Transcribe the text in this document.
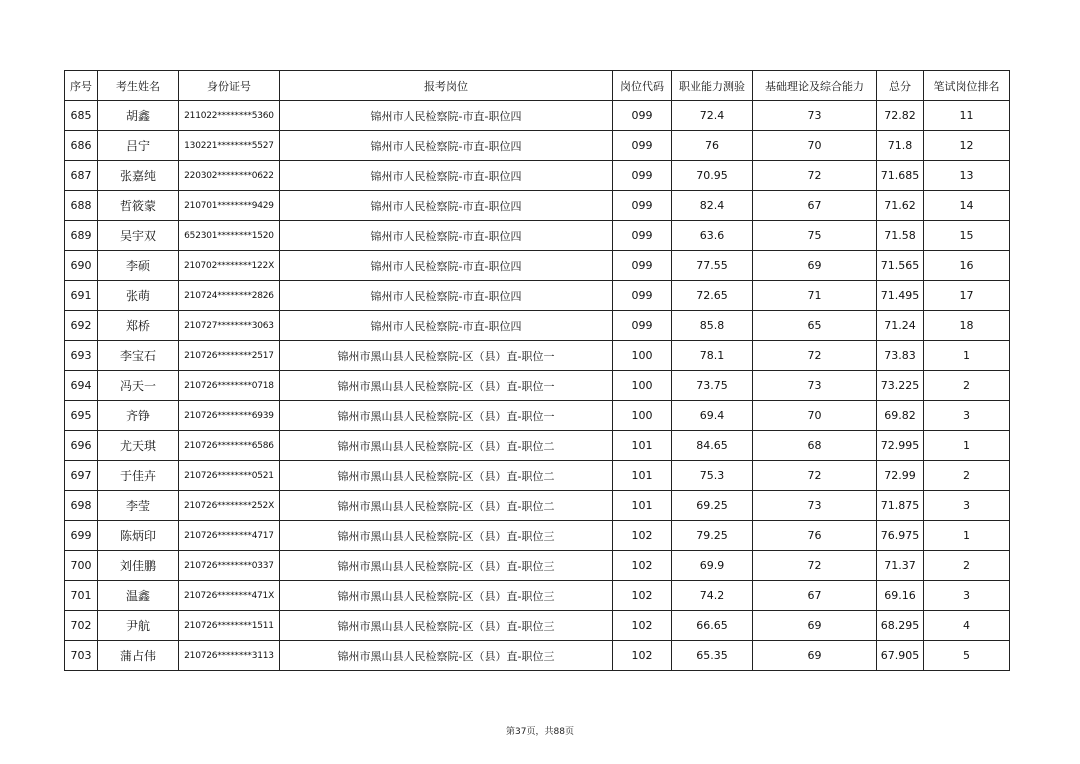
序号	考生姓名	身份证号	报考岗位	岗位代码	职业能力测验	基础理论及综合能力	总分	笔试岗位排名
685	胡鑫	211022********5360	锦州市人民检察院-市直-职位四	099	72.4	73	72.82	11
686	吕宁	130221********5527	锦州市人民检察院-市直-职位四	099	76	70	71.8	12
687	张嘉纯	220302********0622	锦州市人民检察院-市直-职位四	099	70.95	72	71.685	13
688	哲筱蒙	210701********9429	锦州市人民检察院-市直-职位四	099	82.4	67	71.62	14
689	吴宇双	652301********1520	锦州市人民检察院-市直-职位四	099	63.6	75	71.58	15
690	李硕	210702********122X	锦州市人民检察院-市直-职位四	099	77.55	69	71.565	16
691	张萌	210724********2826	锦州市人民检察院-市直-职位四	099	72.65	71	71.495	17
692	郑桥	210727********3063	锦州市人民检察院-市直-职位四	099	85.8	65	71.24	18
693	李宝石	210726********2517	锦州市黑山县人民检察院-区（县）直-职位一	100	78.1	72	73.83	1
694	冯天一	210726********0718	锦州市黑山县人民检察院-区（县）直-职位一	100	73.75	73	73.225	2
695	齐铮	210726********6939	锦州市黑山县人民检察院-区（县）直-职位一	100	69.4	70	69.82	3
696	尤天琪	210726********6586	锦州市黑山县人民检察院-区（县）直-职位二	101	84.65	68	72.995	1
697	于佳卉	210726********0521	锦州市黑山县人民检察院-区（县）直-职位二	101	75.3	72	72.99	2
698	李莹	210726********252X	锦州市黑山县人民检察院-区（县）直-职位二	101	69.25	73	71.875	3
699	陈炳印	210726********4717	锦州市黑山县人民检察院-区（县）直-职位三	102	79.25	76	76.975	1
700	刘佳鹏	210726********0337	锦州市黑山县人民检察院-区（县）直-职位三	102	69.9	72	71.37	2
701	温鑫	210726********471X	锦州市黑山县人民检察院-区（县）直-职位三	102	74.2	67	69.16	3
702	尹航	210726********1511	锦州市黑山县人民检察院-区（县）直-职位三	102	66.65	69	68.295	4
703	蒲占伟	210726********3113	锦州市黑山县人民检察院-区（县）直-职位三	102	65.35	69	67.905	5
第37页，共88页
